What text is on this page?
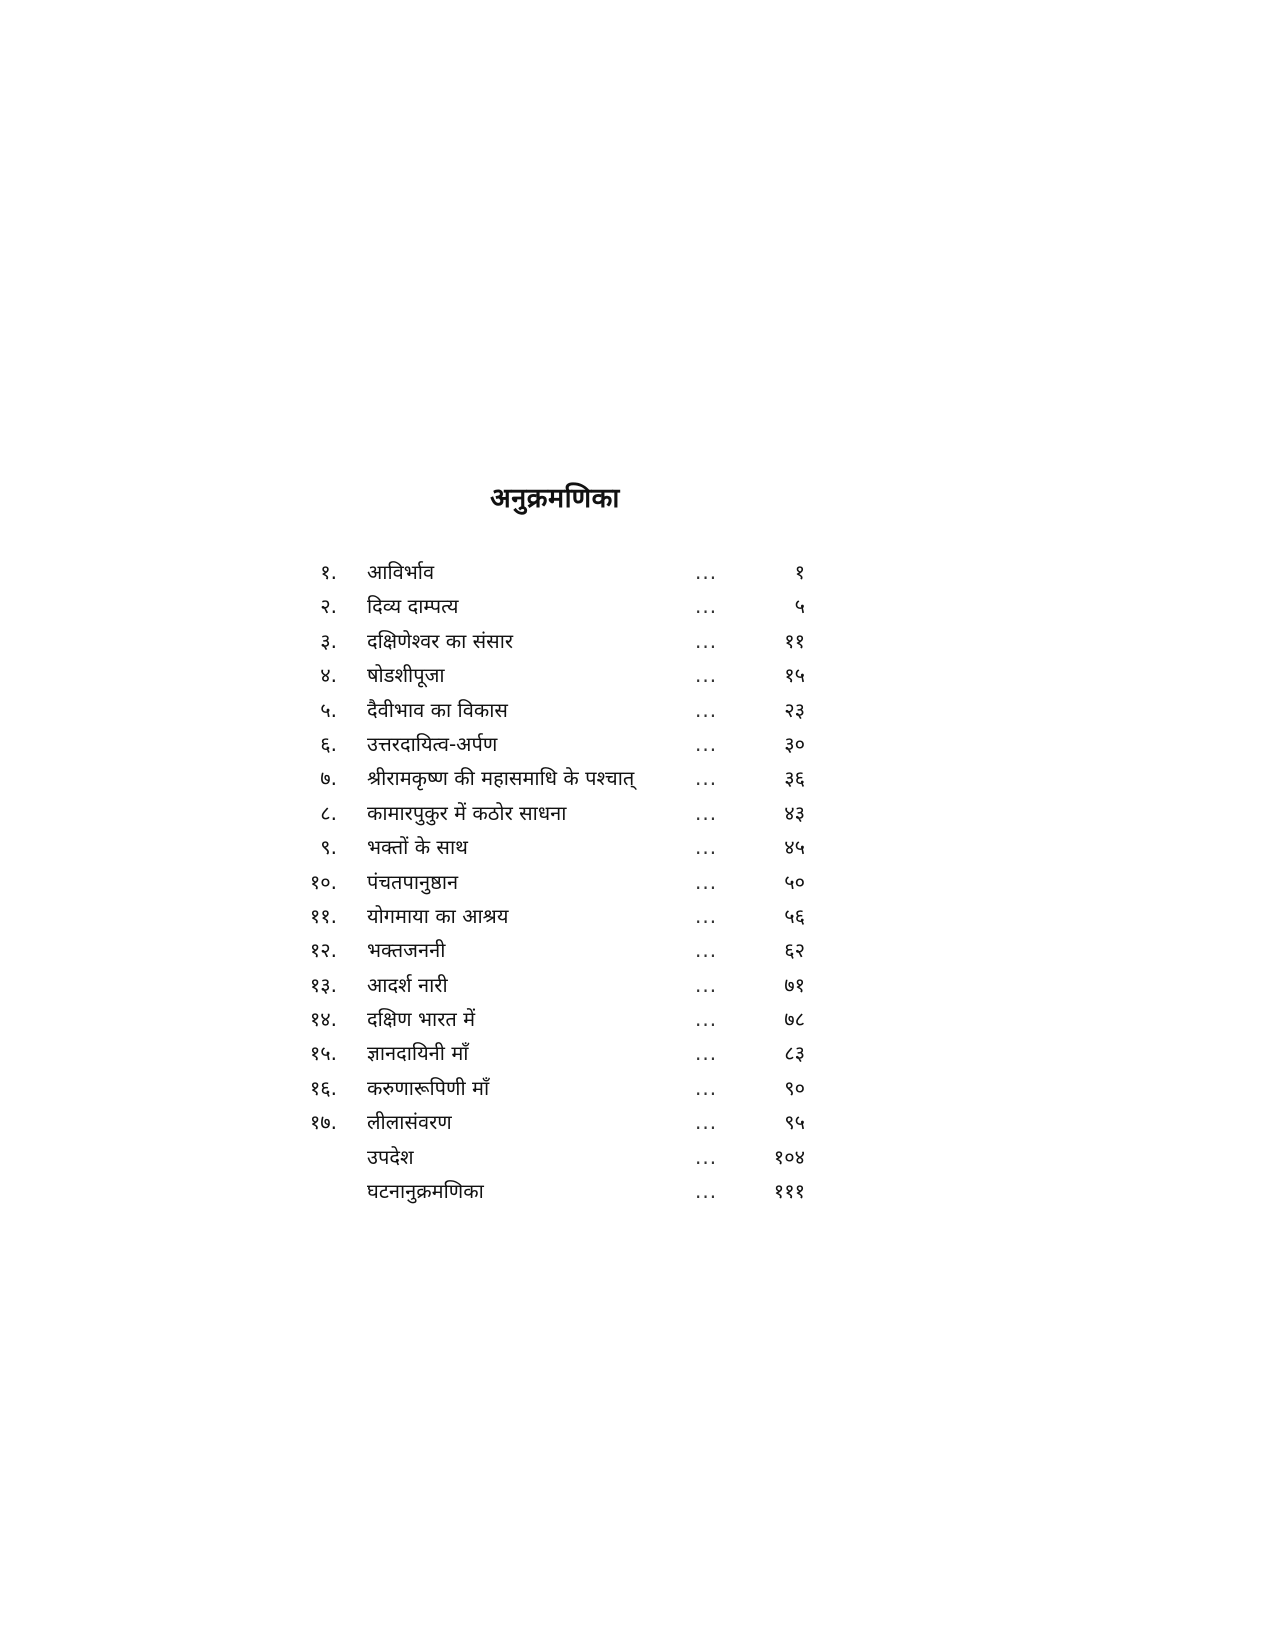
अनुक्रमणिका
१. आविर्भाव	...	१
२. दिव्य दाम्पत्य	...	५
३. दक्षिणेश्वर का संसार	...	११
४. षोडशीपूजा	...	१५
५. दैवीभाव का विकास	...	२३
६. उत्तरदायित्व-अर्पण	...	३०
७. श्रीरामकृष्ण की महासमाधि के पश्चात्	...	३६
८. कामारपुकुर में कठोर साधना	...	४३
९. भक्तों के साथ	...	४५
१०. पंचतपानुष्ठान	...	५०
११. योगमाया का आश्रय	...	५६
१२. भक्तजननी	...	६२
१३. आदर्श नारी	...	७१
१४. दक्षिण भारत में	...	७८
१५. ज्ञानदायिनी माँ	...	८३
१६. करुणारूपिणी माँ	...	९०
१७. लीलासंवरण	...	९५
उपदेश	...	१०४
घटनानुक्रमणिका	...	१११
